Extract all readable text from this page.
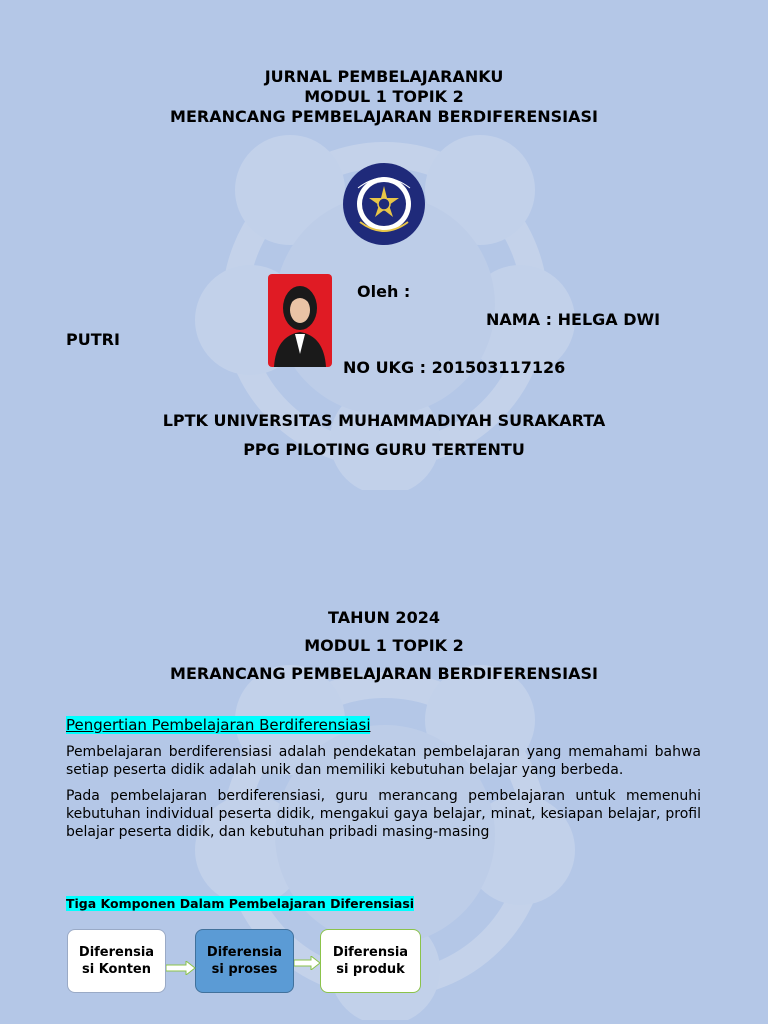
JURNAL PEMBELAJARANKU
MODUL 1 TOPIK 2
MERANCANG PEMBELAJARAN BERDIFERENSIASI
Oleh :
NAMA : HELGA DWI
PUTRI
NO UKG : 201503117126
LPTK UNIVERSITAS MUHAMMADIYAH SURAKARTA
PPG PILOTING GURU TERTENTU
TAHUN 2024
MODUL 1 TOPIK 2
MERANCANG PEMBELAJARAN BERDIFERENSIASI
Pengertian Pembelajaran Berdiferensiasi
Pembelajaran berdiferensiasi adalah pendekatan pembelajaran yang memahami bahwa setiap peserta didik adalah unik dan memiliki kebutuhan belajar yang berbeda.
Pada pembelajaran berdiferensiasi, guru merancang pembelajaran untuk memenuhi kebutuhan individual peserta didik, mengakui gaya belajar, minat, kesiapan belajar, profil belajar peserta didik, dan kebutuhan pribadi masing-masing
Tiga Komponen Dalam Pembelajaran Diferensiasi
Diferensia si Konten
Diferensia si proses
Diferensia si produk
